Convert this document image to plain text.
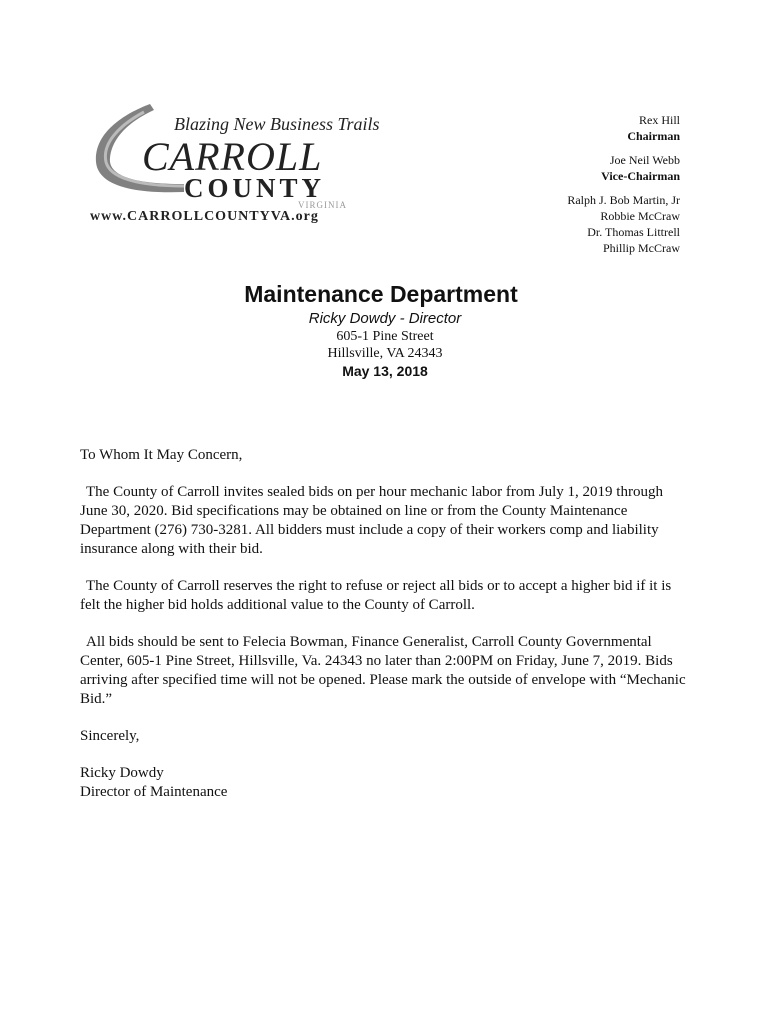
Blazing New Business Trails
CARROLL
COUNTY
VIRGINIA
www.CARROLLCOUNTYVA.org
Rex Hill
Chairman
Joe Neil Webb
Vice-Chairman
Ralph J. Bob Martin, Jr
Robbie McCraw
Dr. Thomas Littrell
Phillip McCraw
Maintenance Department
Ricky Dowdy - Director
605-1 Pine Street
Hillsville, VA 24343
May 13, 2018

To Whom It May Concern,

The County of Carroll invites sealed bids on per hour mechanic labor from July 1, 2019 through June 30, 2020. Bid specifications may be obtained on line or from the County Maintenance Department (276) 730-3281. All bidders must include a copy of their workers comp and liability insurance along with their bid.

The County of Carroll reserves the right to refuse or reject all bids or to accept a higher bid if it is felt the higher bid holds additional value to the County of Carroll.

All bids should be sent to Felecia Bowman, Finance Generalist, Carroll County Governmental Center, 605-1 Pine Street, Hillsville, Va. 24343 no later than 2:00PM on Friday, June 7, 2019. Bids arriving after specified time will not be opened. Please mark the outside of envelope with “Mechanic Bid.”

Sincerely,

Ricky Dowdy
Director of Maintenance
